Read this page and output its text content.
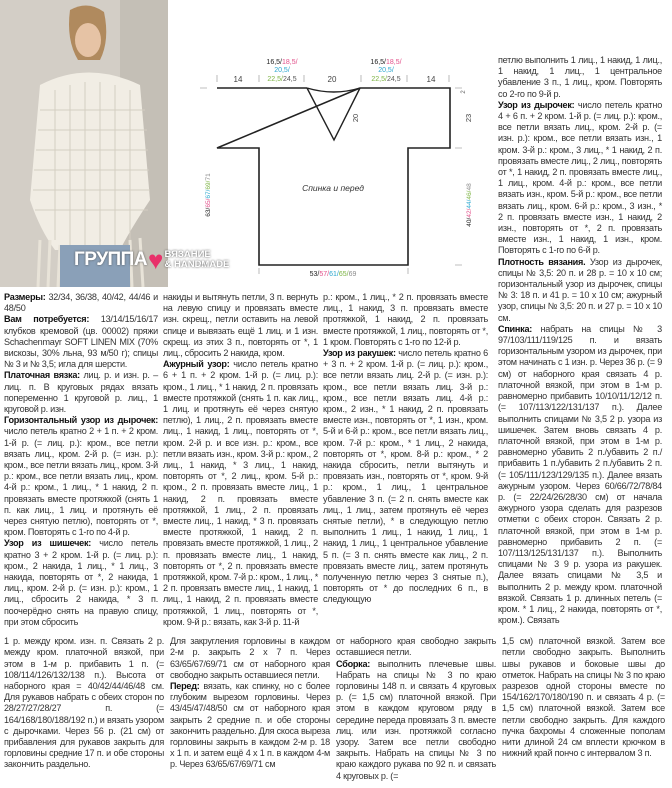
ГРУППА ♥ ВЯЗАНИЕ
& HANDMADE
14	14
20
20
16,5/18,5/
20,5/
22,5/24,5
16,5/18,5/
20,5/
22,5/24,5
2
23
40/42/44/46/48
63/65/67/69/71
53/57/61/65/69
Спинка и перед

Размеры: 32/34, 36/38, 40/42, 44/46 и 48/50

Вам потребуется: 13/14/15/16/17 клубков кремовой (цв. 00002) пряжи Schachenmayr SOFT LINEN MIX (70% вискозы, 30% льна, 93 м/50 г); спицы № 3 и № 3,5; игла для шерсти.

Платочная вязка: лиц. р. и изн. р. – лиц. п. В круговых рядах вязать попеременно 1 круговой р. лиц., 1 круговой р. изн.

Горизонтальный узор из дырочек: число петель кратно 2 + 1 п. + 2 кром. 1-й р. (= лиц. р.): кром., все петли вязать лиц., кром. 2-й р. (= изн. р.): кром., все петли вязать лиц., кром. 3-й р.: кром., все петли вязать лиц., кром. 4-й р.: кром., 1 лиц., * 1 накид, 2 п. провязать вместе протяжкой (снять 1 п. как лиц., 1 лиц. и протянуть её через снятую петлю), повторять от *, кром. Повторять с 1-го по 4-й р.

Узор из шишечек: число петель кратно 3 + 2 кром. 1-й р. (= лиц. р.): кром., 2 накида, 1 лиц., * 1 лиц., 3 накида, повторять от *, 2 накида, 1 лиц., кром. 2-й р. (= изн. р.): кром., 1 лиц., сбросить 2 накида, * 3 п. поочерёдно снять на правую спицу, при этом сбросить

накиды и вытянуть петли, 3 п. вернуть на левую спицу и провязать вместе изн. скрещ., петли оставить на левой спице и вывязать ещё 1 лиц. и 1 изн. скрещ. из этих 3 п., повторять от *, 1 лиц., сбросить 2 накида, кром.

Ажурный узор: число петель кратно 6 + 1 п. + 2 кром. 1-й р. (= лиц. р.): кром., 1 лиц., * 1 накид, 2 п. провязать вместе протяжкой (снять 1 п. как лиц., 1 лиц. и протянуть её через снятую петлю), 1 лиц., 2 п. провязать вместе лиц., 1 накид, 1 лиц., повторять от *, кром. 2-й р. и все изн. р.: кром., все петли вязать изн., кром. 3-й р.: кром., 2 лиц., 1 накид, * 3 лиц., 1 накид, повторять от *, 2 лиц., кром. 5-й р.: кром., 2 п. провязать вместе лиц., 1 накид, 2 п. провязать вместе протяжкой, 1 лиц., 2 п. провязать вместе лиц., 1 накид, * 3 п. провязать вместе протяжкой, 1 накид, 2 п. провязать вместе протяжкой, 1 лиц., 2 п. провязать вместе лиц., 1 накид, повторять от *, 2 п. провязать вместе протяжкой, кром. 7-й р.: кром., 1 лиц., * 2 п. провязать вместе лиц., 1 накид, 1 лиц., 1 накид, 2 п. провязать вместе протяжкой, 1 лиц., повторять от *, кром. 9-й р.: вязать, как 3-й р. 11-й

р.: кром., 1 лиц., * 2 п. провязать вместе лиц., 1 накид, 3 п. провязать вместе протяжкой, 1 накид, 2 п. провязать вместе протяжкой, 1 лиц., повторять от *, 1 кром. Повторять с 1-го по 12-й р.

Узор из ракушек: число петель кратно 6 + 3 п. + 2 кром. 1-й р. (= лиц. р.): кром., все петли вязать лиц. 2-й р. (= изн. р.): кром., все петли вязать лиц. 3-й р.: кром., все петли вязать лиц. 4-й р.: кром., 2 изн., * 1 накид, 2 п. провязать вместе изн., повторять от *, 1 изн., кром. 5-й и 6-й р.: кром., все петли вязать лиц., кром. 7-й р.: кром., * 1 лиц., 2 накида, повторять от *, кром. 8-й р.: кром., * 2 накида сбросить, петли вытянуть и провязать изн., повторять от *, кром. 9-й р.: кром., 1 лиц., 1 центральное убавление 3 п. (= 2 п. снять вместе как лиц., 1 лиц., затем протянуть её через снятые петли), * в следующую петлю выполнить 1 лиц., 1 накид, 1 лиц., 1 накид, 1 лиц., 1 центральное убавление 5 п. (= 3 п. снять вместе как лиц., 2 п. провязать вместе лиц., затем протянуть полученную петлю через 3 снятые п.), повторять от * до последних 6 п., в следующую

петлю выполнить 1 лиц., 1 накид, 1 лиц., 1 накид, 1 лиц., 1 центральное убавление 3 п., 1 лиц., кром. Повторять со 2-го по 9-й р.

Узор из дырочек: число петель кратно 4 + 6 п. + 2 кром. 1-й р. (= лиц. р.): кром., все петли вязать лиц., кром. 2-й р. (= изн. р.): кром., все петли вязать изн., 1 кром. 3-й р.: кром., 3 лиц., * 1 накид, 2 п. провязать вместе лиц., 2 лиц., повторять от *, 1 накид, 2 п. провязать вместе лиц., 1 лиц., кром. 4-й р.: кром., все петли вязать изн., кром. 5-й р.: кром., все петли вязать лиц., кром. 6-й р.: кром., 3 изн., * 2 п. провязать вместе изн., 1 накид, 2 изн., повторять от *, 2 п. провязать вместе изн., 1 накид, 1 изн., кром. Повторять с 1-го по 6-й р.

Плотность вязания. Узор из дырочек, спицы № 3,5: 20 п. и 28 р. = 10 x 10 см; горизонтальный узор из дырочек, спицы № 3: 18 п. и 41 р. = 10 x 10 см; ажурный узор, спицы № 3,5: 20 п. и 27 р. = 10 x 10 см.

Спинка: набрать на спицы № 3 97/103/111/119/125 п. и вязать горизонтальным узором из дырочек, при этом начинать с 1 изн. р. Через 36 р. (= 9 см) от наборного края связать 4 р. платочной вязкой, при этом в 1-м р. равномерно прибавить 10/10/11/12/12 п. (= 107/113/122/131/137 п.). Далее выполнить спицами № 3,5 2 р. узора из шишечек. Затем вновь связать 4 р. платочной вязкой, при этом в 1-м р. равномерно убавить 2 п./убавить 2 п./прибавить 1 п./убавить 2 п./убавить 2 п. (= 105/111/123/129/135 п.). Далее вязать ажурным узором. Через 60/66/72/78/84 р. (= 22/24/26/28/30 см) от начала ажурного узора сделать для разрезов отметки с обеих сторон. Связать 2 р. платочной вязкой, при этом в 1-м р. равномерно прибавить 2 п. (= 107/113/125/131/137 п.). Выполнить спицами № 3 9 р. узора из ракушек. Далее вязать спицами № 3,5 и выполнить 2 р. между кром. платочной вязкой. Связать 1 р. длинных петель (= кром. * 1 лиц., 2 накида, повторять от *, кром.). Связать

1 р. между кром. изн. п. Связать 2 р. между кром. платочной вязкой, при этом в 1-м р. прибавить 1 п. (= 108/114/126/132/138 п.). Высота от наборного края = 40/42/44/46/48 см. Для рукавов набрать с обеих сторон по 28/27/27/28/27 п. (= 164/168/180/188/192 п.) и вязать узором с дырочками. Через 56 р. (21 см) от прибавления для рукавов закрыть для горловины средние 17 п. и обе стороны закончить раздельно.

Для закругления горловины в каждом 2-м р. закрыть 2 x 7 п. Через 63/65/67/69/71 см от наборного края свободно закрыть оставшиеся петли.

Перед: вязать, как спинку, но с более глубоким вырезом горловины. Через 43/45/47/48/50 см от наборного края закрыть 2 средние п. и обе стороны закончить раздельно. Для скоса выреза горловины закрыть в каждом 2-м р. 18 x 1 п. и затем ещё 4 x 1 п. в каждом 4-м р. Через 63/65/67/69/71 см

от наборного края свободно закрыть оставшиеся петли.

Сборка: выполнить плечевые швы. Набрать на спицы № 3 по краю горловины 148 п. и связать 4 круговых р. (= 1,5 см) платочной вязкой. При этом в каждом круговом ряду в середине переда провязать 3 п. вместе лиц. или изн. протяжкой согласно узору. Затем все петли свободно закрыть. Набрать на спицы № 3 по краю каждого рукава по 92 п. и связать 4 круговых р. (=

1,5 см) платочной вязкой. Затем все петли свободно закрыть. Выполнить швы рукавов и боковые швы до отметок. Набрать на спицы № 3 по краю разрезов одной стороны вместе по 154/162/170/180/190 п. и связать 4 р. (= 1,5 см) платочной вязкой. Затем все петли свободно закрыть. Для каждого пучка бахромы 4 сложенные пополам нити длиной 24 см вплести крючком в нижний край пончо с интервалом 3 п.
